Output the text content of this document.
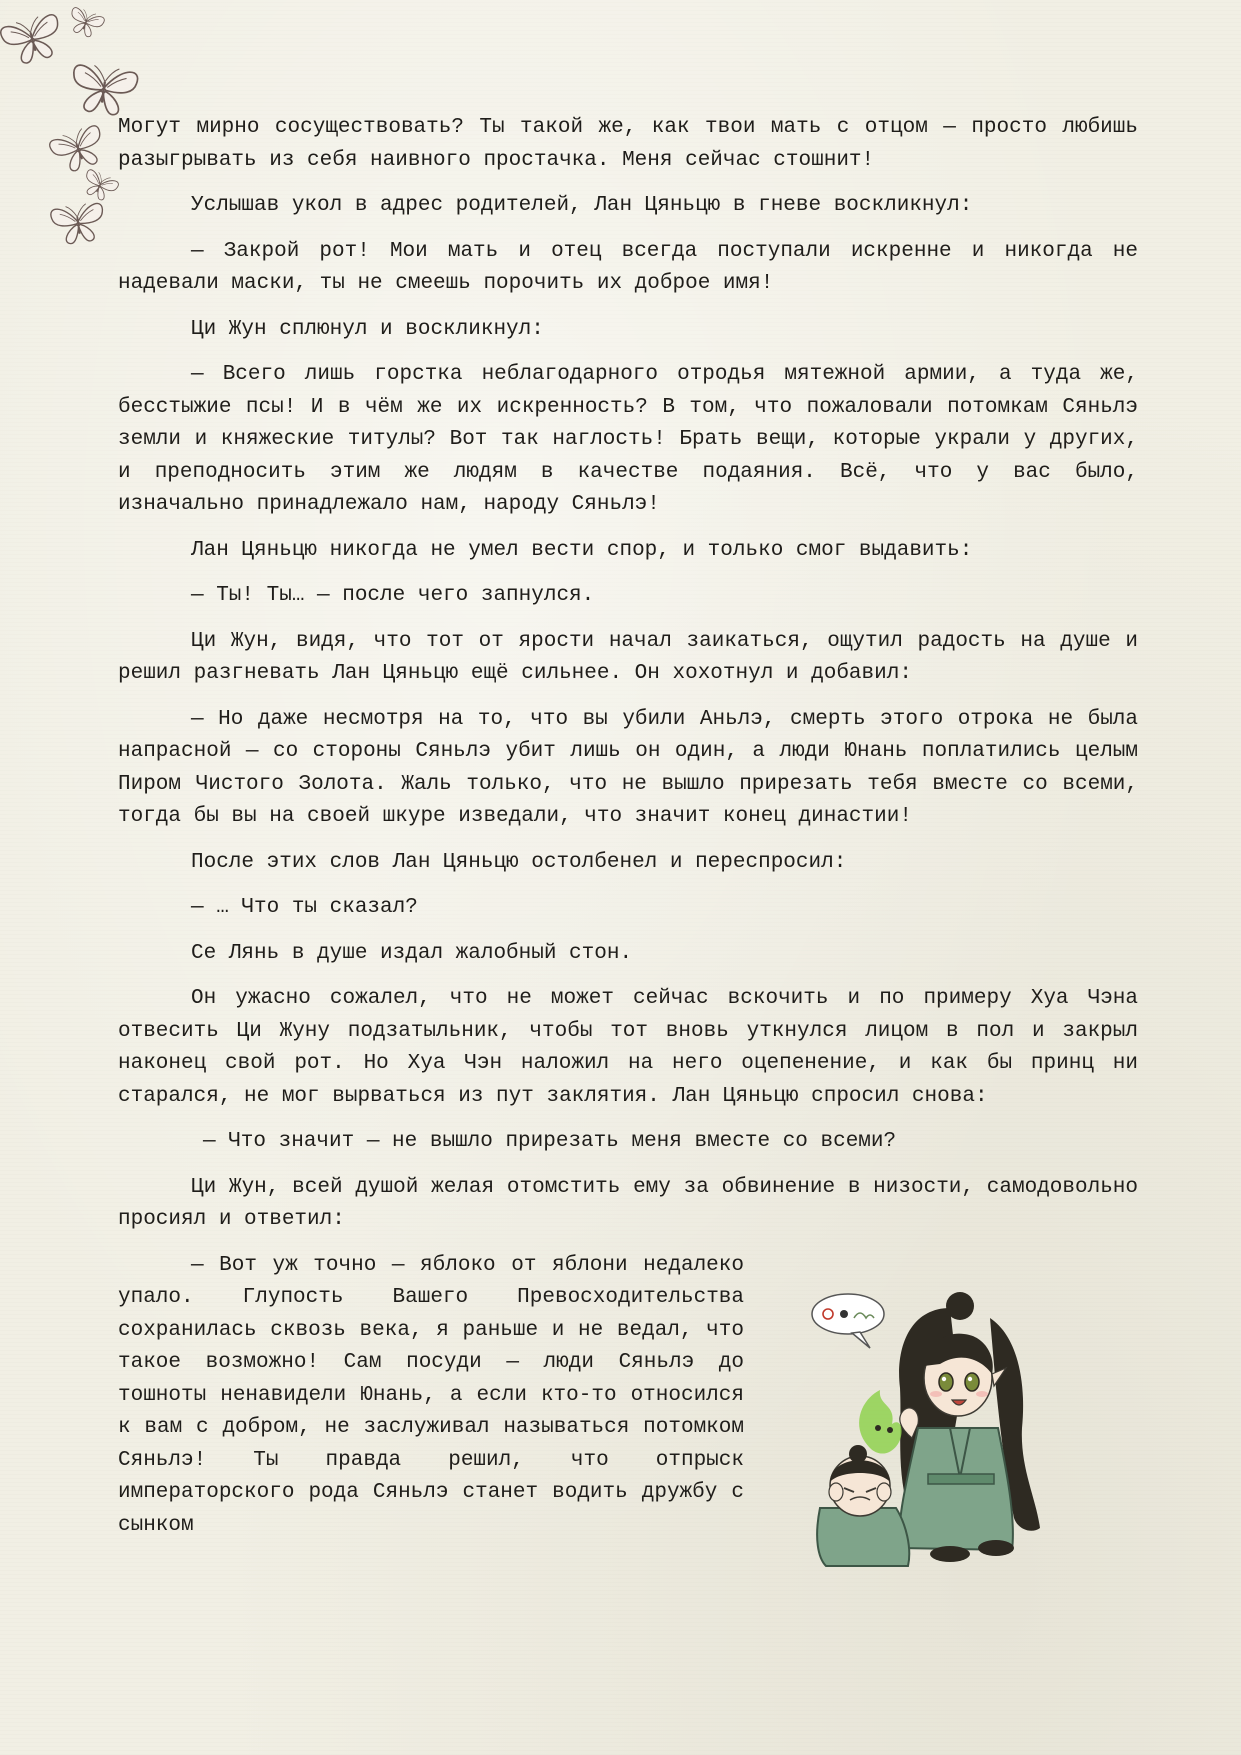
Могут мирно сосуществовать? Ты такой же, как твои мать с отцом — просто любишь разыгрывать из себя наивного простачка. Меня сейчас стошнит!

Услышав укол в адрес родителей, Лан Цяньцю в гневе воскликнул:

— Закрой рот! Мои мать и отец всегда поступали искренне и никогда не надевали маски, ты не смеешь порочить их доброе имя!

Ци Жун сплюнул и воскликнул:

— Всего лишь горстка неблагодарного отродья мятежной армии, а туда же, бесстыжие псы! И в чём же их искренность? В том, что пожаловали потомкам Сяньлэ земли и княжеские титулы? Вот так наглость! Брать вещи, которые украли у других, и преподносить этим же людям в качестве подаяния. Всё, что у вас было, изначально принадлежало нам, народу Сяньлэ!

Лан Цяньцю никогда не умел вести спор, и только смог выдавить:

— Ты! Ты… — после чего запнулся.

Ци Жун, видя, что тот от ярости начал заикаться, ощутил радость на душе и решил разгневать Лан Цяньцю ещё сильнее. Он хохотнул и добавил:

— Но даже несмотря на то, что вы убили Аньлэ, смерть этого отрока не была напрасной — со стороны Сяньлэ убит лишь он один, а люди Юнань поплатились целым Пиром Чистого Золота. Жаль только, что не вышло прирезать тебя вместе со всеми, тогда бы вы на своей шкуре изведали, что значит конец династии!

После этих слов Лан Цяньцю остолбенел и переспросил:

— … Что ты сказал?

Се Лянь в душе издал жалобный стон.

Он ужасно сожалел, что не может сейчас вскочить и по примеру Хуа Чэна отвесить Ци Жуну подзатыльник, чтобы тот вновь уткнулся лицом в пол и закрыл наконец свой рот. Но Хуа Чэн наложил на него оцепенение, и как бы принц ни старался, не мог вырваться из пут заклятия. Лан Цяньцю спросил снова:

— Что значит — не вышло прирезать меня вместе со всеми?

Ци Жун, всей душой желая отомстить ему за обвинение в низости, самодовольно просиял и ответил:

— Вот уж точно — яблоко от яблони недалеко упало. Глупость Вашего Превосходительства сохранилась сквозь века, я раньше и не ведал, что такое возможно! Сам посуди — люди Сяньлэ до тошноты ненавидели Юнань, а если кто-то относился к вам с добром, не заслуживал называться потомком Сяньлэ! Ты правда решил, что отпрыск императорского рода Сяньлэ станет водить дружбу с сынком
